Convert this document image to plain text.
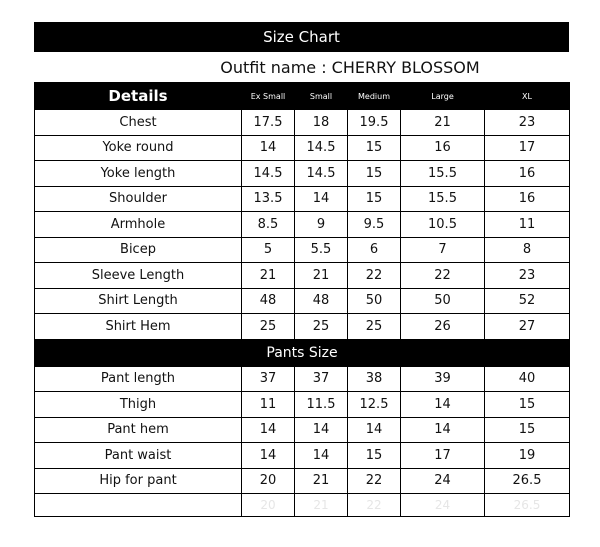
Size Chart
Outfit name : CHERRY BLOSSOM
Details	Ex Small	Small	Medium	Large	XL
Chest	17.5	18	19.5	21	23
Yoke round	14	14.5	15	16	17
Yoke length	14.5	14.5	15	15.5	16
Shoulder	13.5	14	15	15.5	16
Armhole	8.5	9	9.5	10.5	11
Bicep	5	5.5	6	7	8
Sleeve Length	21	21	22	22	23
Shirt Length	48	48	50	50	52
Shirt Hem	25	25	25	26	27
Pants Size					
Pant length	37	37	38	39	40
Thigh	11	11.5	12.5	14	15
Pant hem	14	14	14	14	15
Pant waist	14	14	15	17	19
Hip for pant	20	21	22	24	26.5
	20	21	22	24	26.5
